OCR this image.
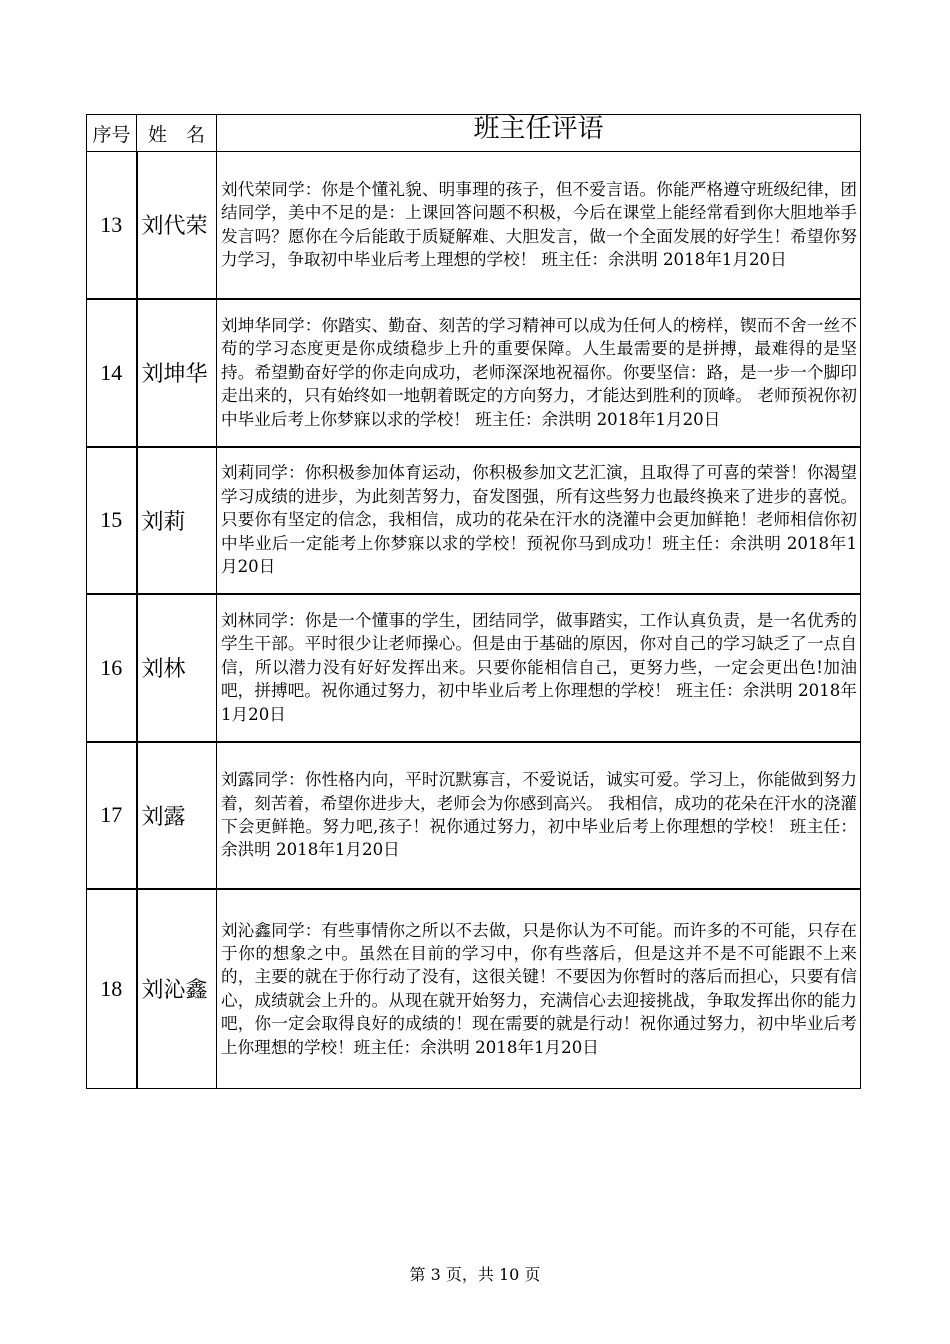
序号	姓　名	班主任评语
13	刘代荣	刘代荣同学：你是个懂礼貌、明事理的孩子，但不爱言语。你能严格遵守班级纪律，团结同学，美中不足的是：上课回答问题不积极，今后在课堂上能经常看到你大胆地举手发言吗？愿你在今后能敢于质疑解难、大胆发言，做一个全面发展的好学生！希望你努力学习，争取初中毕业后考上理想的学校！ 班主任：余洪明 2018年1月20日
14	刘坤华	刘坤华同学：你踏实、勤奋、刻苦的学习精神可以成为任何人的榜样，锲而不舍一丝不苟的学习态度更是你成绩稳步上升的重要保障。人生最需要的是拼搏，最难得的是坚持。希望勤奋好学的你走向成功，老师深深地祝福你。你要坚信：路，是一步一个脚印走出来的，只有始终如一地朝着既定的方向努力，才能达到胜利的顶峰。 老师预祝你初中毕业后考上你梦寐以求的学校！ 班主任：余洪明 2018年1月20日
15	刘莉	刘莉同学：你积极参加体育运动，你积极参加文艺汇演，且取得了可喜的荣誉！你渴望学习成绩的进步，为此刻苦努力，奋发图强，所有这些努力也最终换来了进步的喜悦。只要你有坚定的信念，我相信，成功的花朵在汗水的浇灌中会更加鲜艳！老师相信你初中毕业后一定能考上你梦寐以求的学校！预祝你马到成功！班主任：余洪明 2018年1月20日
16	刘林	刘林同学：你是一个懂事的学生，团结同学，做事踏实，工作认真负责，是一名优秀的学生干部。平时很少让老师操心。但是由于基础的原因，你对自己的学习缺乏了一点自信，所以潜力没有好好发挥出来。只要你能相信自己，更努力些，一定会更出色!加油吧，拼搏吧。祝你通过努力，初中毕业后考上你理想的学校！ 班主任：余洪明 2018年1月20日
17	刘露	刘露同学：你性格内向，平时沉默寡言，不爱说话，诚实可爱。学习上，你能做到努力着，刻苦着，希望你进步大，老师会为你感到高兴。 我相信，成功的花朵在汗水的浇灌下会更鲜艳。努力吧,孩子！祝你通过努力，初中毕业后考上你理想的学校！ 班主任：余洪明 2018年1月20日
18	刘沁鑫	刘沁鑫同学：有些事情你之所以不去做，只是你认为不可能。而许多的不可能，只存在于你的想象之中。虽然在目前的学习中，你有些落后，但是这并不是不可能跟不上来的，主要的就在于你行动了没有，这很关键！不要因为你暂时的落后而担心，只要有信心，成绩就会上升的。从现在就开始努力，充满信心去迎接挑战，争取发挥出你的能力吧，你一定会取得良好的成绩的！现在需要的就是行动！祝你通过努力，初中毕业后考上你理想的学校！班主任：余洪明 2018年1月20日
第 3 页，共 10 页
